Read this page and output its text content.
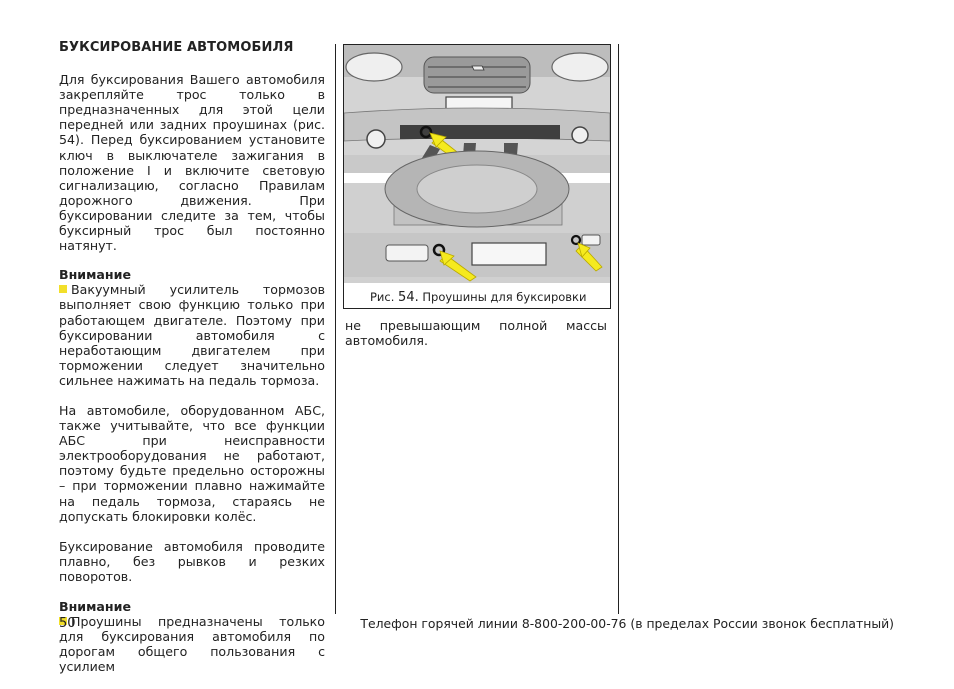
БУКСИРОВАНИЕ АВТОМОБИЛЯ

Для буксирования Вашего автомобиля закрепляйте трос только в предназначенных для этой цели передней или задних проушинах (рис. 54). Перед буксированием установите ключ в выключателе зажигания в положение I и включите световую сигнализацию, согласно Правилам дорожного движения. При буксировании следите за тем, чтобы буксирный трос был постоянно натянут.

Внимание

Вакуумный усилитель тормозов выполняет свою функцию только при работающем двигателе. Поэтому при буксировании автомобиля с неработающим двигателем при торможении следует значительно сильнее нажимать на педаль тормоза.

На автомобиле, оборудованном АБС, также учитывайте, что все функции АБС при неисправности электрооборудования не работают, поэтому будьте предельно осторожны – при торможении плавно нажимайте на педаль тормоза, стараясь не допускать блокировки колёс.

Буксирование автомобиля проводите плавно, без рывков и резких поворотов.

Внимание

Проушины предназначены только для буксирования автомобиля по дорогам общего пользования с усилием

Рис. 54. Проушины для буксировки
не превышающим полной массы автомобиля.
50	Телефон горячей линии 8-800-200-00-76 (в пределах России звонок бесплатный)
